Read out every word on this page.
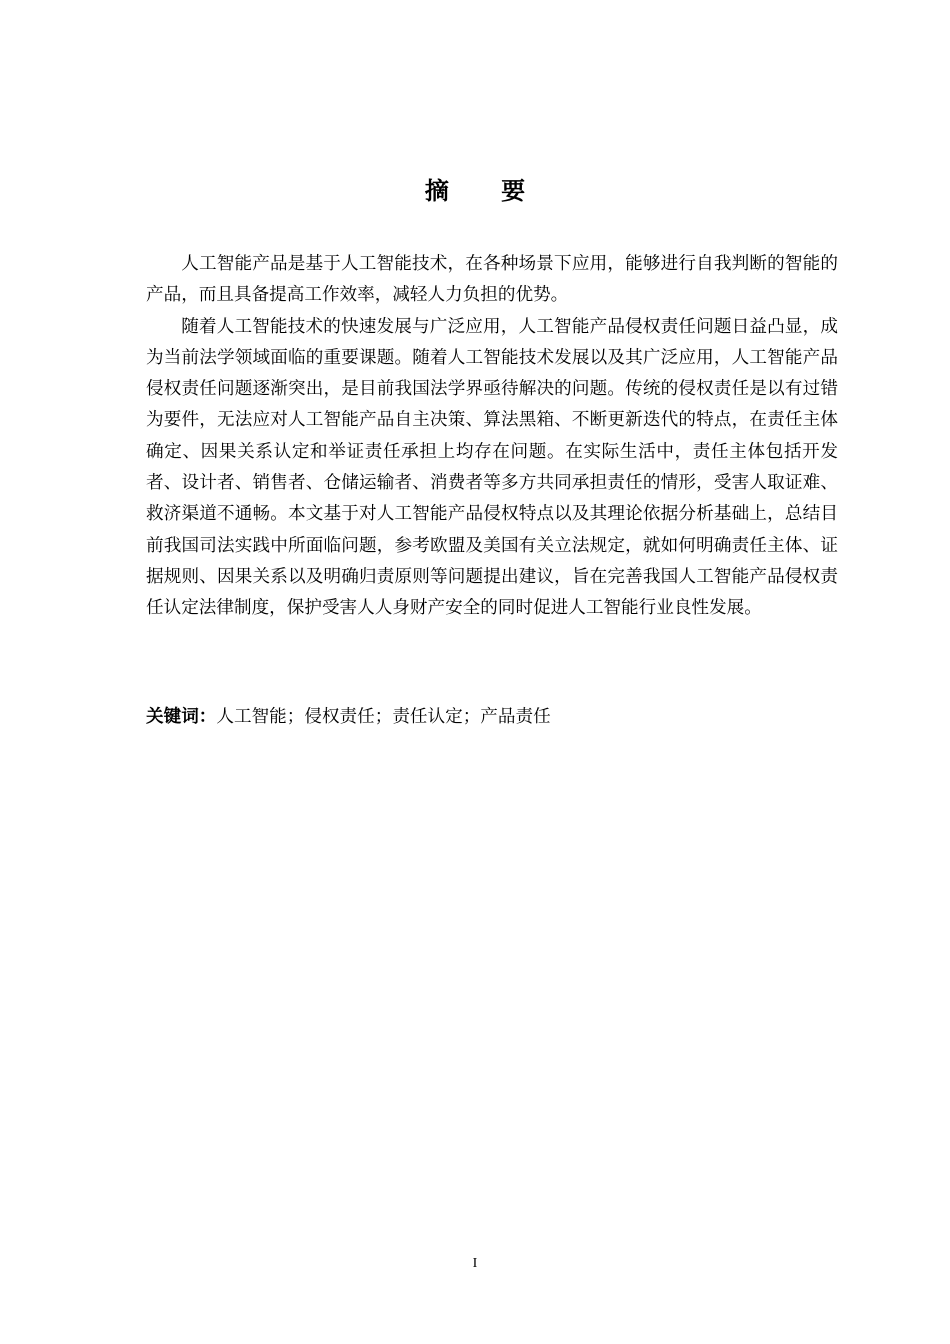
摘 要

人工智能产品是基于人工智能技术，在各种场景下应用，能够进行自我判断的智能的产品，而且具备提高工作效率，减轻人力负担的优势。

随着人工智能技术的快速发展与广泛应用，人工智能产品侵权责任问题日益凸显，成为当前法学领域面临的重要课题。随着人工智能技术发展以及其广泛应用，人工智能产品侵权责任问题逐渐突出，是目前我国法学界亟待解决的问题。传统的侵权责任是以有过错为要件，无法应对人工智能产品自主决策、算法黑箱、不断更新迭代的特点，在责任主体确定、因果关系认定和举证责任承担上均存在问题。在实际生活中，责任主体包括开发者、设计者、销售者、仓储运输者、消费者等多方共同承担责任的情形，受害人取证难、救济渠道不通畅。本文基于对人工智能产品侵权特点以及其理论依据分析基础上，总结目前我国司法实践中所面临问题，参考欧盟及美国有关立法规定，就如何明确责任主体、证据规则、因果关系以及明确归责原则等问题提出建议，旨在完善我国人工智能产品侵权责任认定法律制度，保护受害人人身财产安全的同时促进人工智能行业良性发展。

关键词：人工智能；侵权责任；责任认定；产品责任
I
